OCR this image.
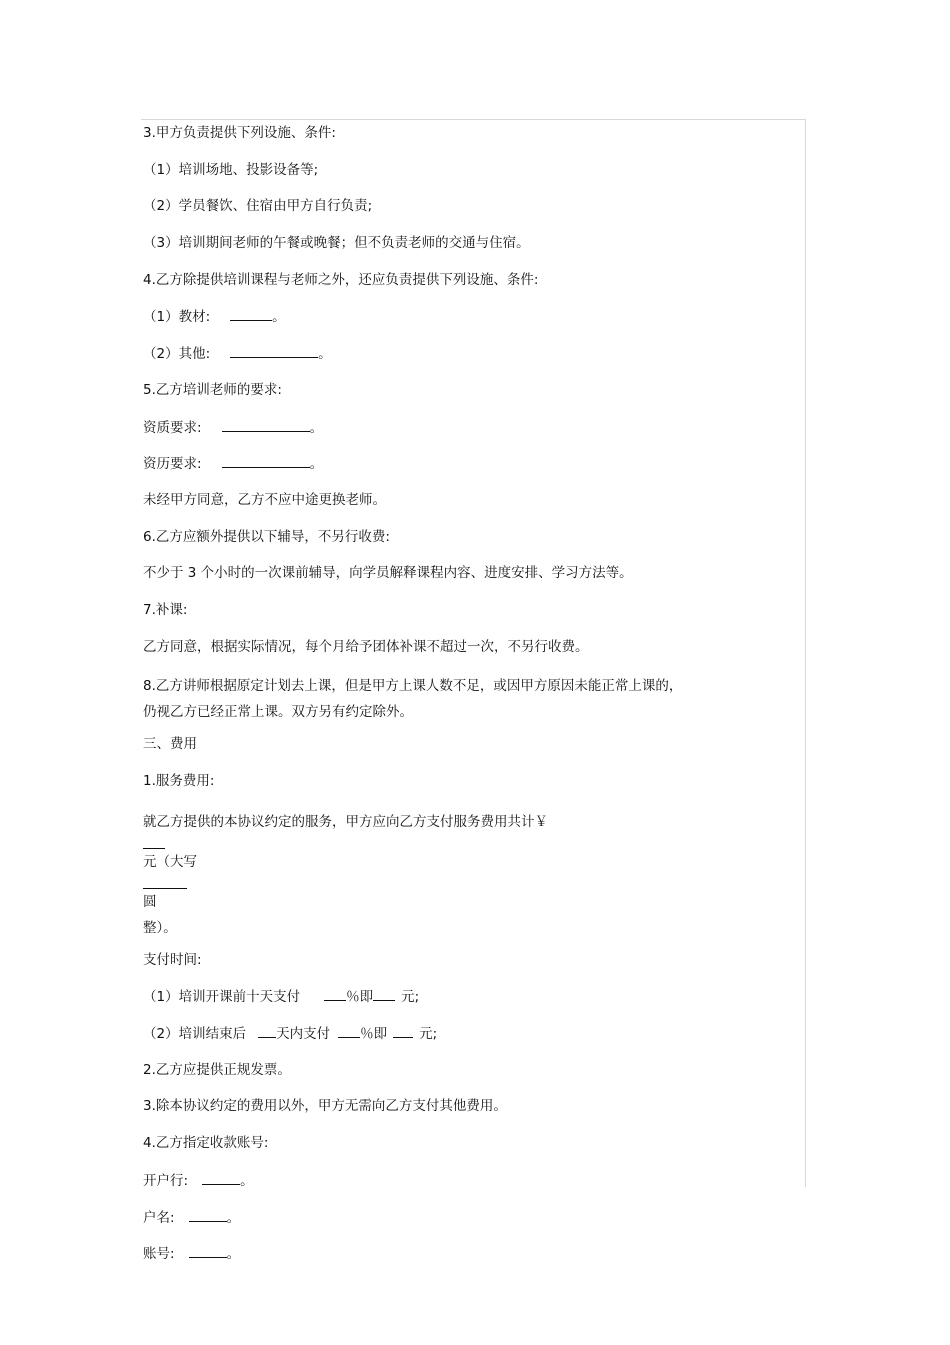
3.甲方负责提供下列设施、条件:
（1）培训场地、投影设备等;
（2）学员餐饮、住宿由甲方自行负责;
（3）培训期间老师的午餐或晚餐；但不负责老师的交通与住宿。
4.乙方除提供培训课程与老师之外，还应负责提供下列设施、条件:
（1）教材:	。
（2）其他:	。
5.乙方培训老师的要求:
资质要求:	。
资历要求:	。
未经甲方同意，乙方不应中途更换老师。
6.乙方应额外提供以下辅导，不另行收费:
不少于 3 个小时的一次课前辅导，向学员解释课程内容、进度安排、学习方法等。
7.补课:
乙方同意，根据实际情况，每个月给予团体补课不超过一次，不另行收费。
8.乙方讲师根据原定计划去上课，但是甲方上课人数不足，或因甲方原因未能正常上课的，
仍视乙方已经正常上课。双方另有约定除外。
三、费用
1.服务费用:
就乙方提供的本协议约定的服务，甲方应向乙方支付服务费用共计￥
元（大写
圆
整）。
支付时间:
（1）培训开课前十天支付	％即 元;
（2）培训结束后 天内支付 ％即 元;
2.乙方应提供正规发票。
3.除本协议约定的费用以外，甲方无需向乙方支付其他费用。
4.乙方指定收款账号:
开户行:	。
户名:	。
账号:	。
